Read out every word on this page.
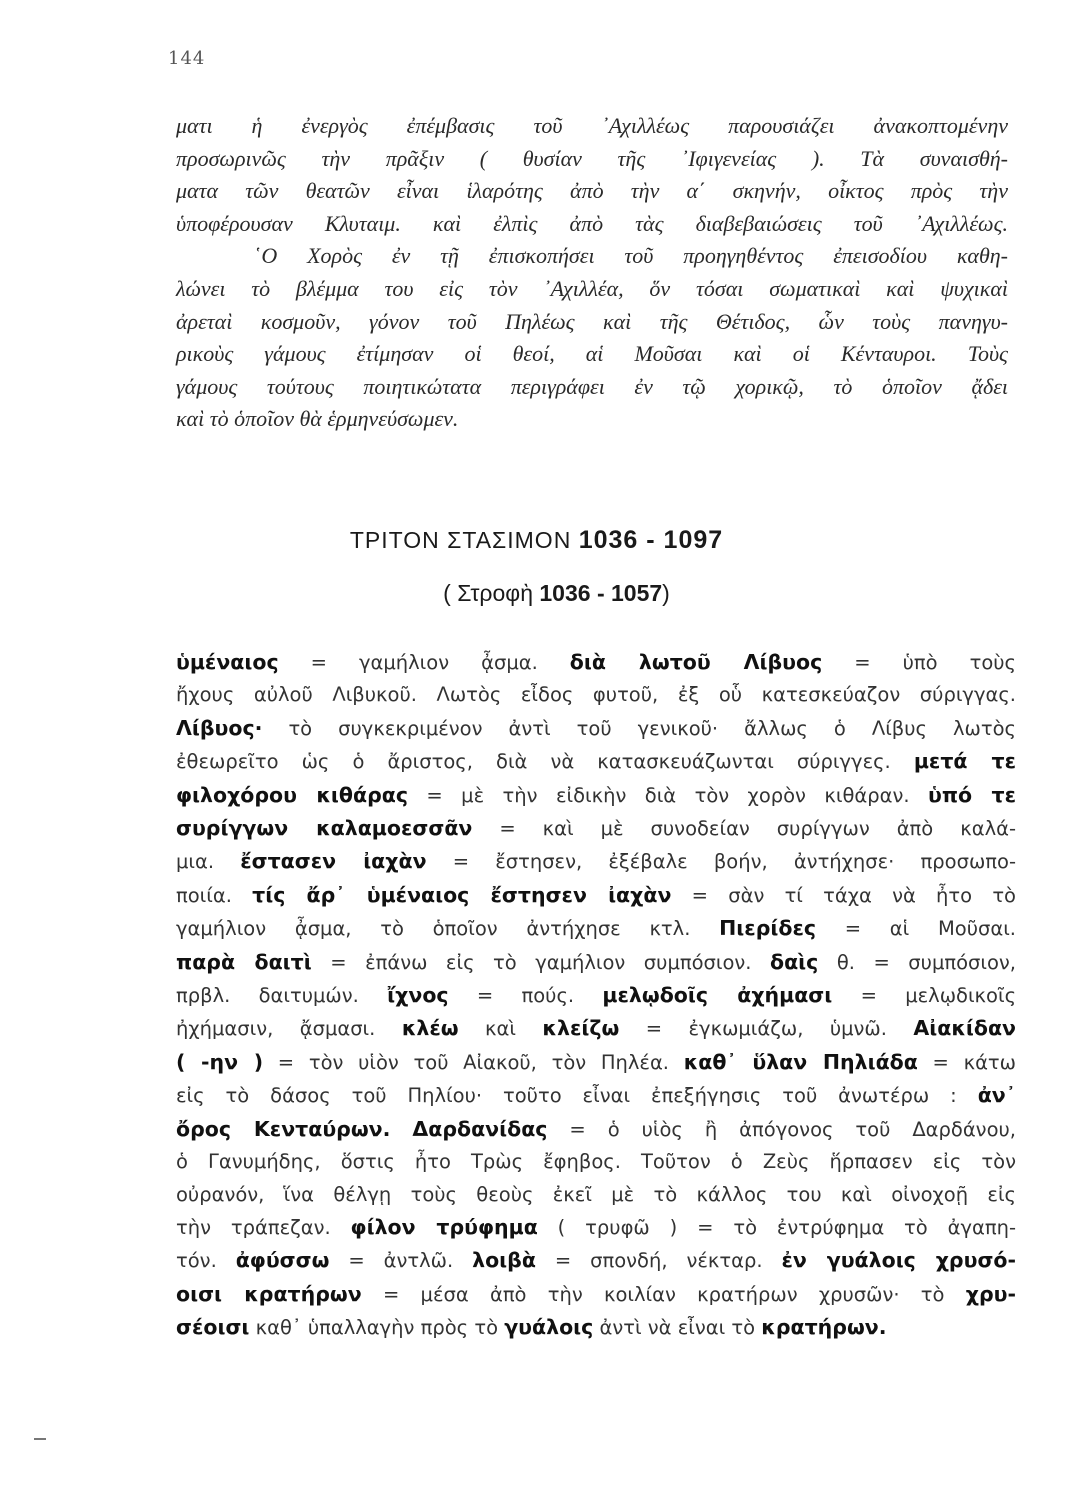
144
ματι ἡ ἐνεργὸς ἐπέμβασις τοῦ ᾿Αχιλλέως παρουσιάζει ἀνακοπτομένην
προσωρινῶς τὴν πρᾶξιν ( θυσίαν τῆς ᾿Ιφιγενείας ). Τὰ συναισθή-
ματα τῶν θεατῶν εἶναι ἱλαρότης ἀπὸ τὴν α΄ σκηνήν, οἶκτος πρὸς τὴν
ὑποφέρουσαν Κλυταιμ. καὶ ἐλπὶς ἀπὸ τὰς διαβεβαιώσεις τοῦ ᾿Αχιλλέως.
῾Ο Χορὸς ἐν τῇ ἐπισκοπήσει τοῦ προηγηθέντος ἐπεισοδίου καθη-
λώνει τὸ βλέμμα του εἰς τὸν ᾿Αχιλλέα, ὅν τόσαι σωματικαὶ καὶ ψυχικαὶ
ἀρεταὶ κοσμοῦν, γόνον τοῦ Πηλέως καὶ τῆς Θέτιδος, ὧν τοὺς πανηγυ-
ρικοὺς γάμους ἐτίμησαν οἱ θεοί, αἱ Μοῦσαι καὶ οἱ Κένταυροι. Τοὺς
γάμους τούτους ποιητικώτατα περιγράφει ἐν τῷ χορικῷ, τὸ ὁποῖον ᾄδει
καὶ τὸ ὁποῖον θὰ ἑρμηνεύσωμεν.
ΤΡΙΤΟΝ ΣΤΑΣΙΜΟΝ 1036 - 1097
( Στροφὴ 1036 - 1057)
ὑμέναιος = γαμήλιον ᾆσμα. διὰ λωτοῦ Λίβυος = ὑπὸ τοὺς
ἤχους αὐλοῦ Λιβυκοῦ. Λωτὸς εἶδος φυτοῦ, ἐξ οὗ κατεσκεύαζον σύριγγας.
Λίβυος· τὸ συγκεκριμένον ἀντὶ τοῦ γενικοῦ· ἄλλως ὁ Λίβυς λωτὸς
ἐθεωρεῖτο ὡς ὁ ἄριστος, διὰ νὰ κατασκευάζωνται σύριγγες. μετά τε
φιλοχόρου κιθάρας = μὲ τὴν εἰδικὴν διὰ τὸν χορὸν κιθάραν. ὑπό τε
συρίγγων καλαμοεσσᾶν = καὶ μὲ συνοδείαν συρίγγων ἀπὸ καλά-
μια. ἔστασεν ἰαχὰν = ἔστησεν, ἐξέβαλε βοήν, ἀντήχησε· προσωπο-
ποιία. τίς ἄρ᾿ ὑμέναιος ἔστησεν ἰαχὰν = σὰν τί τάχα νὰ ἦτο τὸ
γαμήλιον ᾆσμα, τὸ ὁποῖον ἀντήχησε κτλ. Πιερίδες = αἱ Μοῦσαι.
παρὰ δαιτὶ = ἐπάνω εἰς τὸ γαμήλιον συμπόσιον. δαὶς θ. = συμπόσιον,
πρβλ. δαιτυμών. ἴχνος = πούς. μελῳδοῖς ἀχήμασι = μελῳδικοῖς
ἠχήμασιν, ᾄσμασι. κλέω καὶ κλείζω = ἐγκωμιάζω, ὑμνῶ. Αἰακίδαν
( -ην ) = τὸν υἱὸν τοῦ Αἰακοῦ, τὸν Πηλέα. καθ᾿ ὕλαν Πηλιάδα = κάτω
εἰς τὸ δάσος τοῦ Πηλίου· τοῦτο εἶναι ἐπεξήγησις τοῦ ἀνωτέρω : ἀν᾿
ὄρος Κενταύρων. Δαρδανίδας = ὁ υἱὸς ἢ ἀπόγονος τοῦ Δαρδάνου,
ὁ Γανυμήδης, ὅστις ἦτο Τρὼς ἔφηβος. Τοῦτον ὁ Ζεὺς ἥρπασεν εἰς τὸν
οὐρανόν, ἵνα θέλγῃ τοὺς θεοὺς ἐκεῖ μὲ τὸ κάλλος του καὶ οἰνοχοῇ εἰς
τὴν τράπεζαν. φίλον τρύφημα ( τρυφῶ ) = τὸ ἐντρύφημα τὸ ἀγαπη-
τόν. ἀφύσσω = ἀντλῶ. λοιβὰ = σπονδή, νέκταρ. ἐν γυάλοις χρυσό-
οισι κρατήρων = μέσα ἀπὸ τὴν κοιλίαν κρατήρων χρυσῶν· τὸ χρυ-
σέοισι καθ᾿ ὑπαλλαγὴν πρὸς τὸ γυάλοις ἀντὶ νὰ εἶναι τὸ κρατήρων.
